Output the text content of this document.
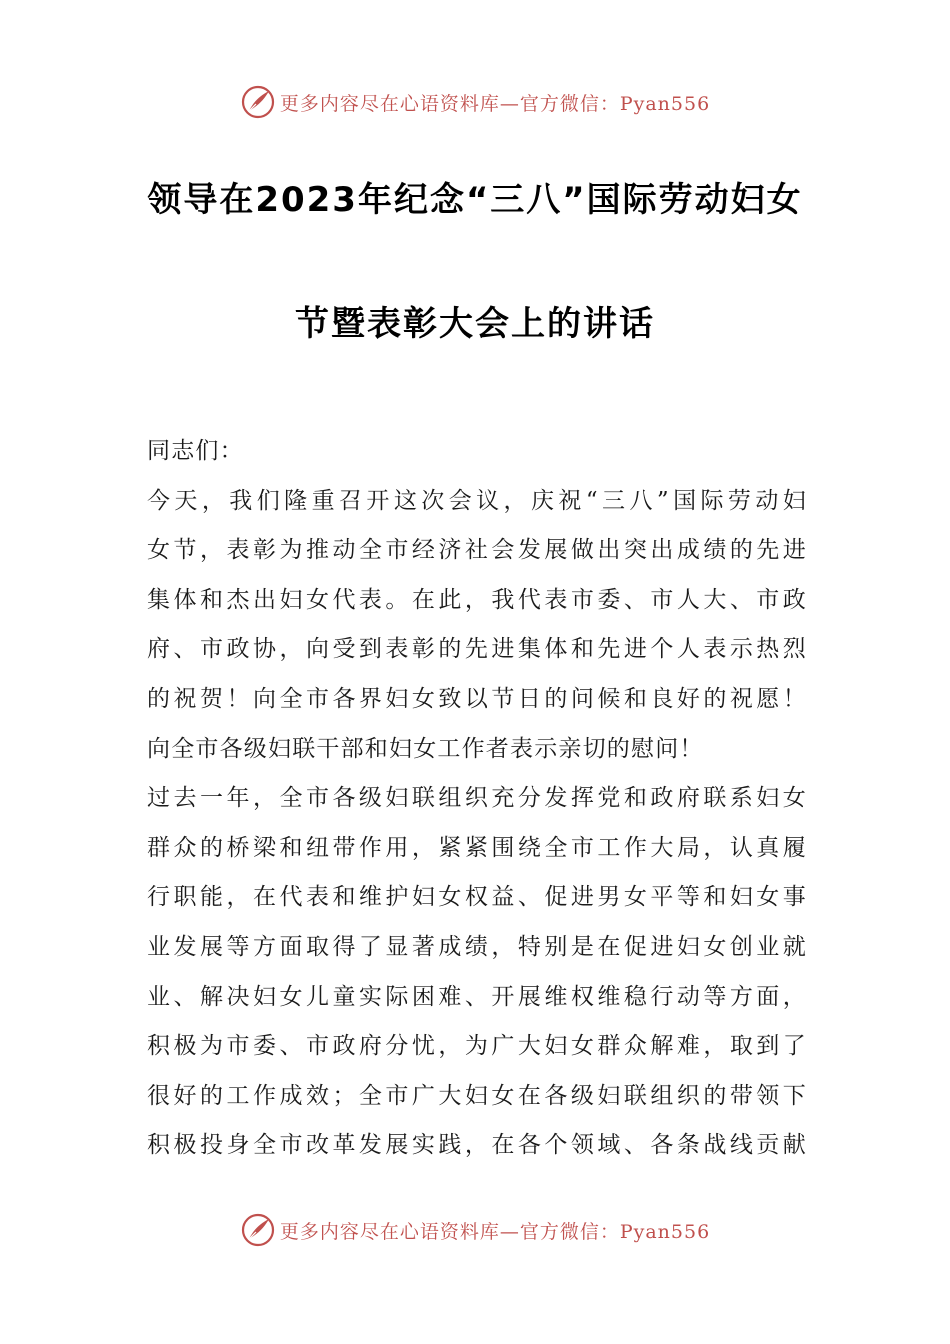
更多内容尽在心语资料库—官方微信：Pyan556
领导在2023年纪念“三八”国际劳动妇女
节暨表彰大会上的讲话
同志们：
今天，我们隆重召开这次会议，庆祝“三八”国际劳动妇
女节，表彰为推动全市经济社会发展做出突出成绩的先进
集体和杰出妇女代表。在此，我代表市委、市人大、市政
府、市政协，向受到表彰的先进集体和先进个人表示热烈
的祝贺！向全市各界妇女致以节日的问候和良好的祝愿！
向全市各级妇联干部和妇女工作者表示亲切的慰问！
过去一年，全市各级妇联组织充分发挥党和政府联系妇女
群众的桥梁和纽带作用，紧紧围绕全市工作大局，认真履
行职能，在代表和维护妇女权益、促进男女平等和妇女事
业发展等方面取得了显著成绩，特别是在促进妇女创业就
业、解决妇女儿童实际困难、开展维权维稳行动等方面，
积极为市委、市政府分忧，为广大妇女群众解难，取到了
很好的工作成效；全市广大妇女在各级妇联组织的带领下
积极投身全市改革发展实践，在各个领域、各条战线贡献
更多内容尽在心语资料库—官方微信：Pyan556
